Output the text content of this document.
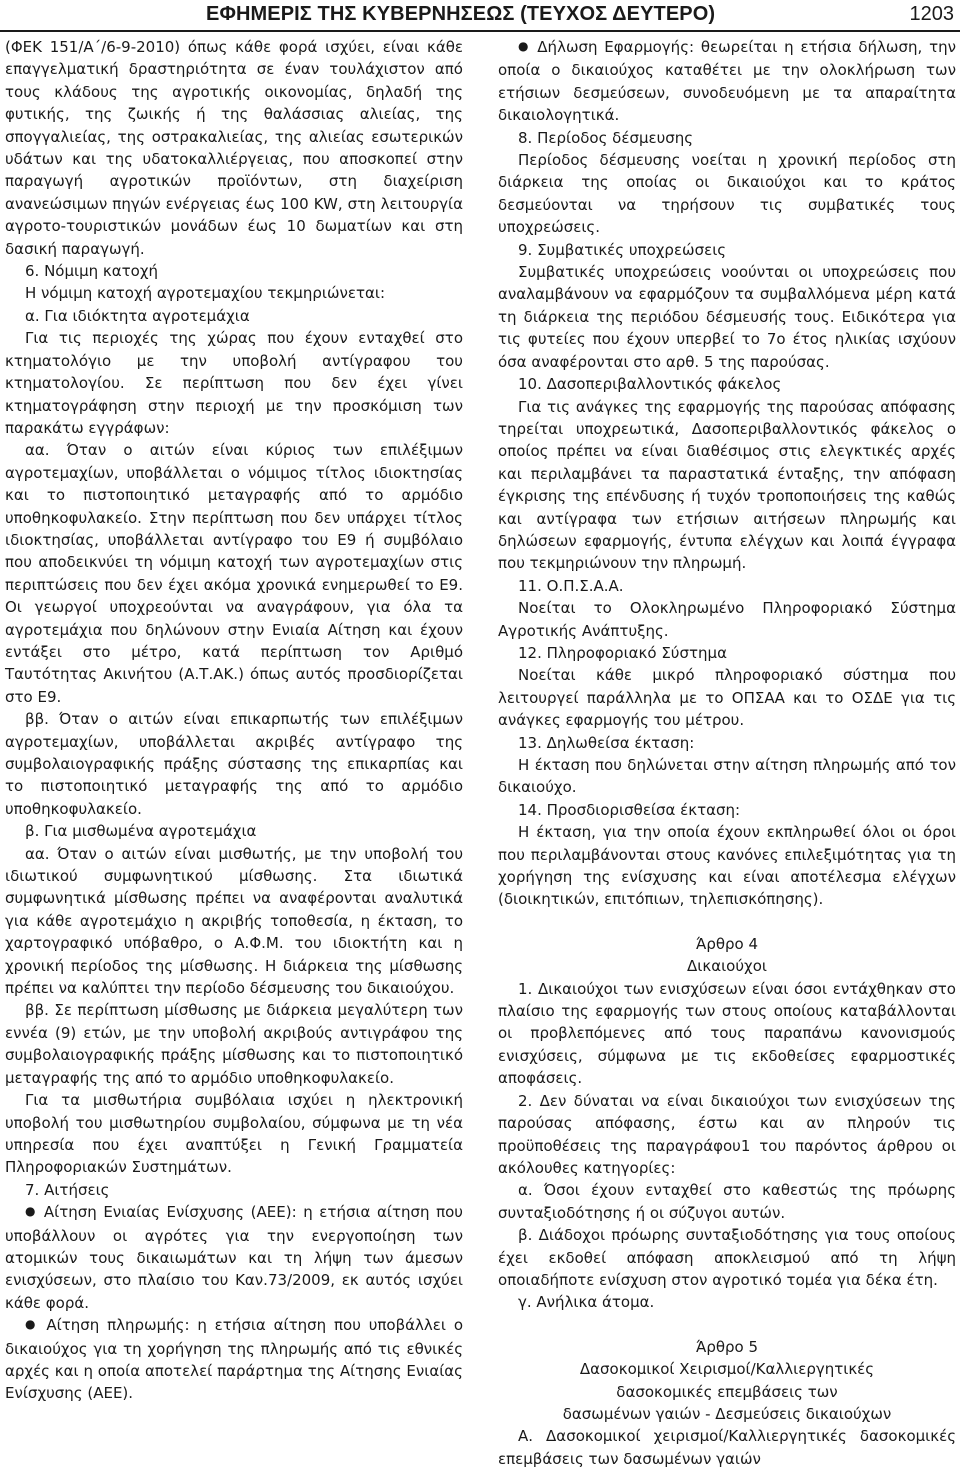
ΕΦΗΜΕΡΙΣ ΤΗΣ ΚΥΒΕΡΝΗΣΕΩΣ (ΤΕΥΧΟΣ ΔΕΥΤΕΡΟ)	1203

(ΦΕΚ 151/Α΄/6-9-2010) όπως κάθε φορά ισχύει, είναι κάθε επαγγελματική δραστηριότητα σε έναν τουλάχιστον από τους κλάδους της αγροτικής οικονομίας, δηλαδή της φυτικής, της ζωικής ή της θαλάσσιας αλιείας, της σπογγαλιείας, της οστρακαλιείας, της αλιείας εσωτερικών υδάτων και της υδατοκαλλιέργειας, που αποσκοπεί στην παραγωγή αγροτικών προϊόντων, στη διαχείριση ανανεώσιμων πηγών ενέργειας έως 100 KW, στη λειτουργία αγροτο-τουριστικών μονάδων έως 10 δωματίων και στη δασική παραγωγή.

6. Νόμιμη κατοχή

Η νόμιμη κατοχή αγροτεμαχίου τεκμηριώνεται:

α. Για ιδιόκτητα αγροτεμάχια

Για τις περιοχές της χώρας που έχουν ενταχθεί στο κτηματολόγιο με την υποβολή αντίγραφου του κτηματολογίου. Σε περίπτωση που δεν έχει γίνει κτηματογράφηση στην περιοχή με την προσκόμιση των παρακάτω εγγράφων:

αα. Όταν ο αιτών είναι κύριος των επιλέξιμων αγροτεμαχίων, υποβάλλεται ο νόμιμος τίτλος ιδιοκτησίας και το πιστοποιητικό μεταγραφής από το αρμόδιο υποθηκοφυλακείο. Στην περίπτωση που δεν υπάρχει τίτλος ιδιοκτησίας, υποβάλλεται αντίγραφο του Ε9 ή συμβόλαιο που αποδεικνύει τη νόμιμη κατοχή των αγροτεμαχίων στις περιπτώσεις που δεν έχει ακόμα χρονικά ενημερωθεί το Ε9. Οι γεωργοί υποχρεούνται να αναγράφουν, για όλα τα αγροτεμάχια που δηλώνουν στην Ενιαία Αίτηση και έχουν εντάξει στο μέτρο, κατά περίπτωση τον Αριθμό Ταυτότητας Ακινήτου (Α.Τ.ΑΚ.) όπως αυτός προσδιορίζεται στο Ε9.

ββ. Όταν ο αιτών είναι επικαρπωτής των επιλέξιμων αγροτεμαχίων, υποβάλλεται ακριβές αντίγραφο της συμβολαιογραφικής πράξης σύστασης της επικαρπίας και το πιστοποιητικό μεταγραφής της από το αρμόδιο υποθηκοφυλακείο.

β. Για μισθωμένα αγροτεμάχια

αα. Όταν ο αιτών είναι μισθωτής, με την υποβολή του ιδιωτικού συμφωνητικού μίσθωσης. Στα ιδιωτικά συμφωνητικά μίσθωσης πρέπει να αναφέρονται αναλυτικά για κάθε αγροτεμάχιο η ακριβής τοποθεσία, η έκταση, το χαρτογραφικό υπόβαθρο, ο Α.Φ.Μ. του ιδιοκτήτη και η χρονική περίοδος της μίσθωσης. Η διάρκεια της μίσθωσης πρέπει να καλύπτει την περίοδο δέσμευσης του δικαιούχου.

ββ. Σε περίπτωση μίσθωσης με διάρκεια μεγαλύτερη των εννέα (9) ετών, με την υποβολή ακριβούς αντιγράφου της συμβολαιογραφικής πράξης μίσθωσης και το πιστοποιητικό μεταγραφής της από το αρμόδιο υποθηκοφυλακείο.

Για τα μισθωτήρια συμβόλαια ισχύει η ηλεκτρονική υποβολή του μισθωτηρίου συμβολαίου, σύμφωνα με τη νέα υπηρεσία που έχει αναπτύξει η Γενική Γραμματεία Πληροφοριακών Συστημάτων.

7. Αιτήσεις

● Αίτηση Ενιαίας Ενίσχυσης (ΑΕΕ): η ετήσια αίτηση που υποβάλλουν οι αγρότες για την ενεργοποίηση των ατομικών τους δικαιωμάτων και τη λήψη των άμεσων ενισχύσεων, στο πλαίσιο του Καν.73/2009, εκ αυτός ισχύει κάθε φορά.

● Αίτηση πληρωμής: η ετήσια αίτηση που υποβάλλει ο δικαιούχος για τη χορήγηση της πληρωμής από τις εθνικές αρχές και η οποία αποτελεί παράρτημα της Αίτησης Ενιαίας Ενίσχυσης (ΑΕΕ).

● Δήλωση Εφαρμογής: θεωρείται η ετήσια δήλωση, την οποία ο δικαιούχος καταθέτει με την ολοκλήρωση των ετήσιων δεσμεύσεων, συνοδευόμενη με τα απαραίτητα δικαιολογητικά.

8. Περίοδος δέσμευσης

Περίοδος δέσμευσης νοείται η χρονική περίοδος στη διάρκεια της οποίας οι δικαιούχοι και το κράτος δεσμεύονται να τηρήσουν τις συμβατικές τους υποχρεώσεις.

9. Συμβατικές υποχρεώσεις

Συμβατικές υποχρεώσεις νοούνται οι υποχρεώσεις που αναλαμβάνουν να εφαρμόζουν τα συμβαλλόμενα μέρη κατά τη διάρκεια της περιόδου δέσμευσής τους. Ειδικότερα για τις φυτείες που έχουν υπερβεί το 7ο έτος ηλικίας ισχύουν όσα αναφέρονται στο αρθ. 5 της παρούσας.

10. Δασοπεριβαλλοντικός φάκελος

Για τις ανάγκες της εφαρμογής της παρούσας απόφασης τηρείται υποχρεωτικά, Δασοπεριβαλλοντικός φάκελος ο οποίος πρέπει να είναι διαθέσιμος στις ελεγκτικές αρχές και περιλαμβάνει τα παραστατικά ένταξης, την απόφαση έγκρισης της επένδυσης ή τυχόν τροποποιήσεις της καθώς και αντίγραφα των ετήσιων αιτήσεων πληρωμής και δηλώσεων εφαρμογής, έντυπα ελέγχων και λοιπά έγγραφα που τεκμηριώνουν την πληρωμή.

11. Ο.Π.Σ.Α.Α.

Νοείται το Ολοκληρωμένο Πληροφοριακό Σύστημα Αγροτικής Ανάπτυξης.

12. Πληροφοριακό Σύστημα

Νοείται κάθε μικρό πληροφοριακό σύστημα που λειτουργεί παράλληλα με το ΟΠΣΑΑ και το ΟΣΔΕ για τις ανάγκες εφαρμογής του μέτρου.

13. Δηλωθείσα έκταση:

Η έκταση που δηλώνεται στην αίτηση πληρωμής από τον δικαιούχο.

14. Προσδιορισθείσα έκταση:

Η έκταση, για την οποία έχουν εκπληρωθεί όλοι οι όροι που περιλαμβάνονται στους κανόνες επιλεξιμότητας για τη χορήγηση της ενίσχυσης και είναι αποτέλεσμα ελέγχων (διοικητικών, επιτόπιων, τηλεπισκόπησης).

Άρθρο 4

Δικαιούχοι

1. Δικαιούχοι των ενισχύσεων είναι όσοι εντάχθηκαν στο πλαίσιο της εφαρμογής των στους οποίους καταβάλλονται οι προβλεπόμενες από τους παραπάνω κανονισμούς ενισχύσεις, σύμφωνα με τις εκδοθείσες εφαρμοστικές αποφάσεις.

2. Δεν δύναται να είναι δικαιούχοι των ενισχύσεων της παρούσας απόφασης, έστω και αν πληρούν τις προϋποθέσεις της παραγράφου1 του παρόντος άρθρου οι ακόλουθες κατηγορίες:

α. Όσοι έχουν ενταχθεί στο καθεστώς της πρόωρης συνταξιοδότησης ή οι σύζυγοι αυτών.

β. Διάδοχοι πρόωρης συνταξιοδότησης για τους οποίους έχει εκδοθεί απόφαση αποκλεισμού από τη λήψη οποιαδήποτε ενίσχυση στον αγροτικό τομέα για δέκα έτη.

γ. Ανήλικα άτομα.

Άρθρο 5

Δασοκομικοί Χειρισμοί/Καλλιεργητικές

δασοκομικές επεμβάσεις των

δασωμένων γαιών - Δεσμεύσεις δικαιούχων

Α. Δασοκομικοί χειρισμοί/Καλλιεργητικές δασοκομικές επεμβάσεις των δασωμένων γαιών
